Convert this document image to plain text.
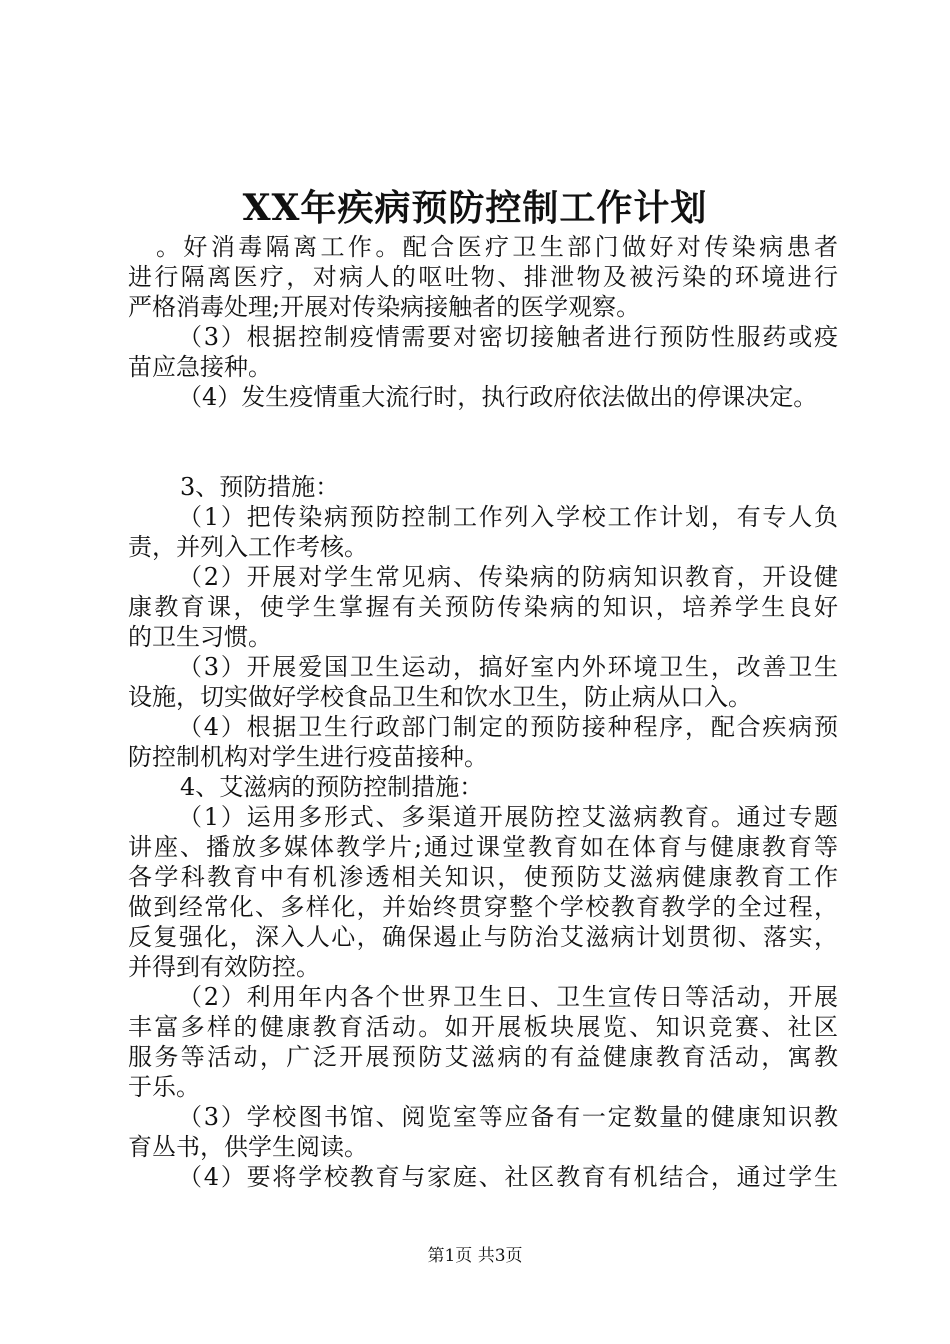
XX年疾病预防控制工作计划
。好消毒隔离工作。配合医疗卫生部门做好对传染病患者
进行隔离医疗，对病人的呕吐物、排泄物及被污染的环境进行
严格消毒处理;开展对传染病接触者的医学观察。
（3）根据控制疫情需要对密切接触者进行预防性服药或疫
苗应急接种。
（4）发生疫情重大流行时，执行政府依法做出的停课决定。
3、预防措施：
（1）把传染病预防控制工作列入学校工作计划，有专人负
责，并列入工作考核。
（2）开展对学生常见病、传染病的防病知识教育，开设健
康教育课，使学生掌握有关预防传染病的知识，培养学生良好
的卫生习惯。
（3）开展爱国卫生运动，搞好室内外环境卫生，改善卫生
设施，切实做好学校食品卫生和饮水卫生，防止病从口入。
（4）根据卫生行政部门制定的预防接种程序，配合疾病预
防控制机构对学生进行疫苗接种。
4、艾滋病的预防控制措施：
（1）运用多形式、多渠道开展防控艾滋病教育。通过专题
讲座、播放多媒体教学片;通过课堂教育如在体育与健康教育等
各学科教育中有机渗透相关知识，使预防艾滋病健康教育工作
做到经常化、多样化，并始终贯穿整个学校教育教学的全过程，
反复强化，深入人心，确保遏止与防治艾滋病计划贯彻、落实，
并得到有效防控。
（2）利用年内各个世界卫生日、卫生宣传日等活动，开展
丰富多样的健康教育活动。如开展板块展览、知识竞赛、社区
服务等活动，广泛开展预防艾滋病的有益健康教育活动，寓教
于乐。
（3）学校图书馆、阅览室等应备有一定数量的健康知识教
育丛书，供学生阅读。
（4）要将学校教育与家庭、社区教育有机结合，通过学生
第1页 共3页
